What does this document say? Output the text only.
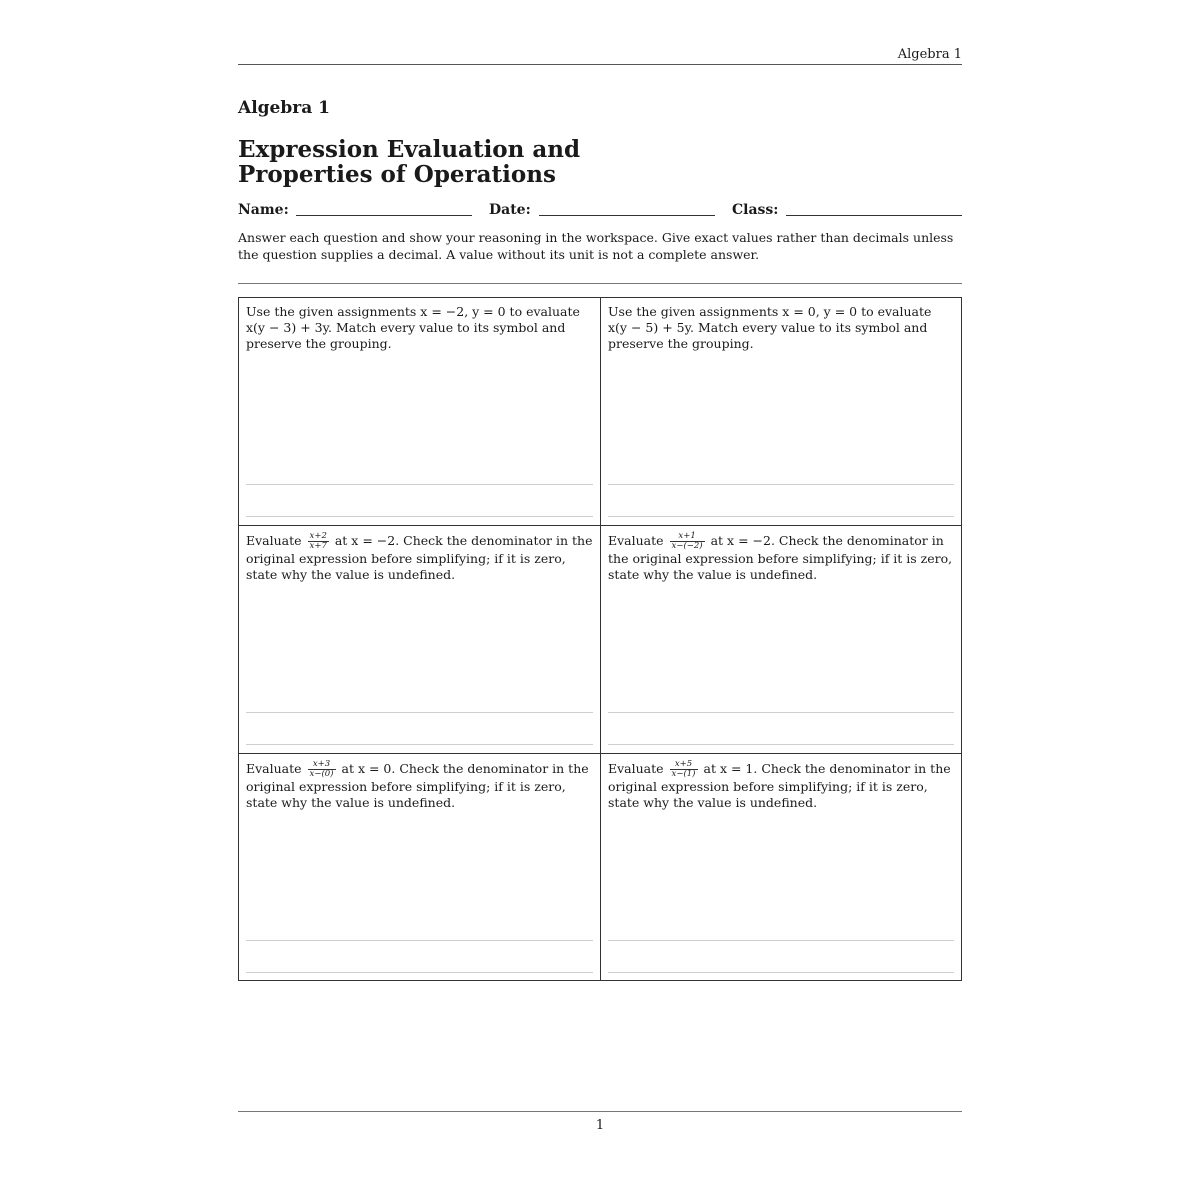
Algebra 1
Algebra 1
Expression Evaluation and Properties of Operations
Name:	Date:	Class:
Answer each question and show your reasoning in the workspace. Give exact values rather than decimals unless the question supplies a decimal. A value without its unit is not a complete answer.
Use the given assignments x = −2, y = 0 to evaluate x(y − 3) + 3y. Match every value to its symbol and preserve the grouping.
Use the given assignments x = 0, y = 0 to evaluate x(y − 5) + 5y. Match every value to its symbol and preserve the grouping.
Evaluate $\frac{x+2}{x+7}$ at x = −2. Check the denominator in the original expression before simplifying; if it is zero, state why the value is undefined.
Evaluate $\frac{x+1}{x-(-2)}$ at x = −2. Check the denominator in the original expression before simplifying; if it is zero, state why the value is undefined.
Evaluate $\frac{x+3}{x-(0)}$ at x = 0. Check the denominator in the original expression before simplifying; if it is zero, state why the value is undefined.
Evaluate $\frac{x+5}{x-(1)}$ at x = 1. Check the denominator in the original expression before simplifying; if it is zero, state why the value is undefined.
1
